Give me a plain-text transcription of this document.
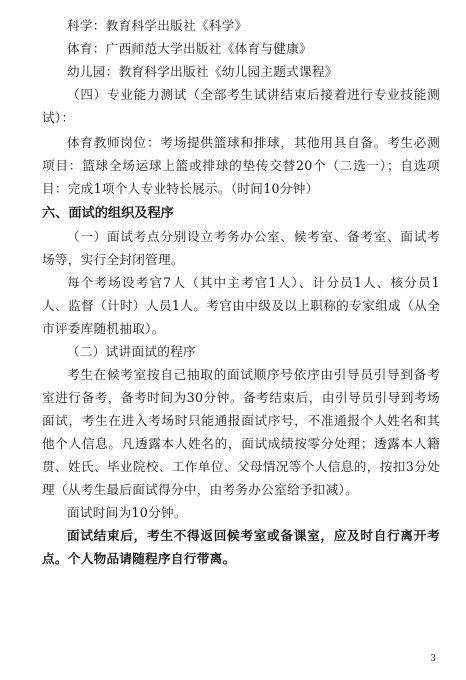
科学：教育科学出版社《科学》

体育：广西师范大学出版社《体育与健康》

幼儿园：教育科学出版社《幼儿园主题式课程》

（四）专业能力测试（全部考生试讲结束后接着进行专业技能测试）：

体育教师岗位：考场提供篮球和排球，其他用具自备。考生必测项目：篮球全场运球上篮或排球的垫传交替20个（二选一）；自选项目：完成1项个人专业特长展示。（时间10分钟）

六、面试的组织及程序

（一）面试考点分别设立考务办公室、候考室、备考室、面试考场等，实行全封闭管理。

每个考场设考官7人（其中主考官1人）、计分员1人、核分员1人、监督（计时）人员1人。考官由中级及以上职称的专家组成（从全市评委库随机抽取）。

（二）试讲面试的程序

考生在候考室按自己抽取的面试顺序号依序由引导员引导到备考室进行备考，备考时间为30分钟。备考结束后，由引导员引导到考场面试，考生在进入考场时只能通报面试序号，不准通报个人姓名和其他个人信息。凡透露本人姓名的，面试成绩按零分处理；透露本人籍贯、姓氏、毕业院校、工作单位、父母情况等个人信息的，按扣3分处理（从考生最后面试得分中，由考务办公室给予扣减）。

面试时间为10分钟。

面试结束后，考生不得返回候考室或备课室，应及时自行离开考点。个人物品请随程序自行带离。

3
